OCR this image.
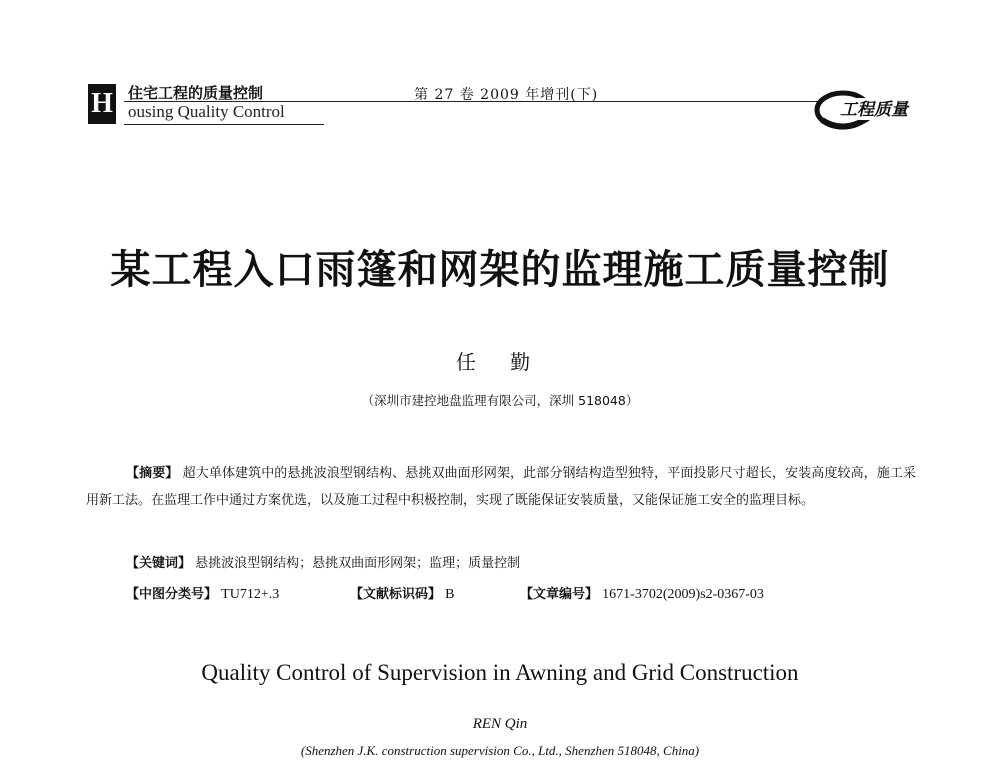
H 住宅工程的质量控制
ousing Quality Control
第 27 卷 2009 年增刊(下)
工程质量
某工程入口雨篷和网架的监理施工质量控制
任 勤
（深圳市建控地盘监理有限公司，深圳 518048）
【摘要】 超大单体建筑中的悬挑波浪型钢结构、悬挑双曲面形网架，此部分钢结构造型独特，平面投影尺寸超长，安装高度较高，施工采用新工法。在监理工作中通过方案优选，以及施工过程中积极控制，实现了既能保证安装质量，又能保证施工安全的监理目标。
【关键词】 悬挑波浪型钢结构；悬挑双曲面形网架；监理；质量控制
【中图分类号】 TU712+.3	【文献标识码】 B	【文章编号】 1671-3702(2009)s2-0367-03
Quality Control of Supervision in Awning and Grid Construction
REN Qin
(Shenzhen J.K. construction supervision Co., Ltd., Shenzhen 518048, China)
